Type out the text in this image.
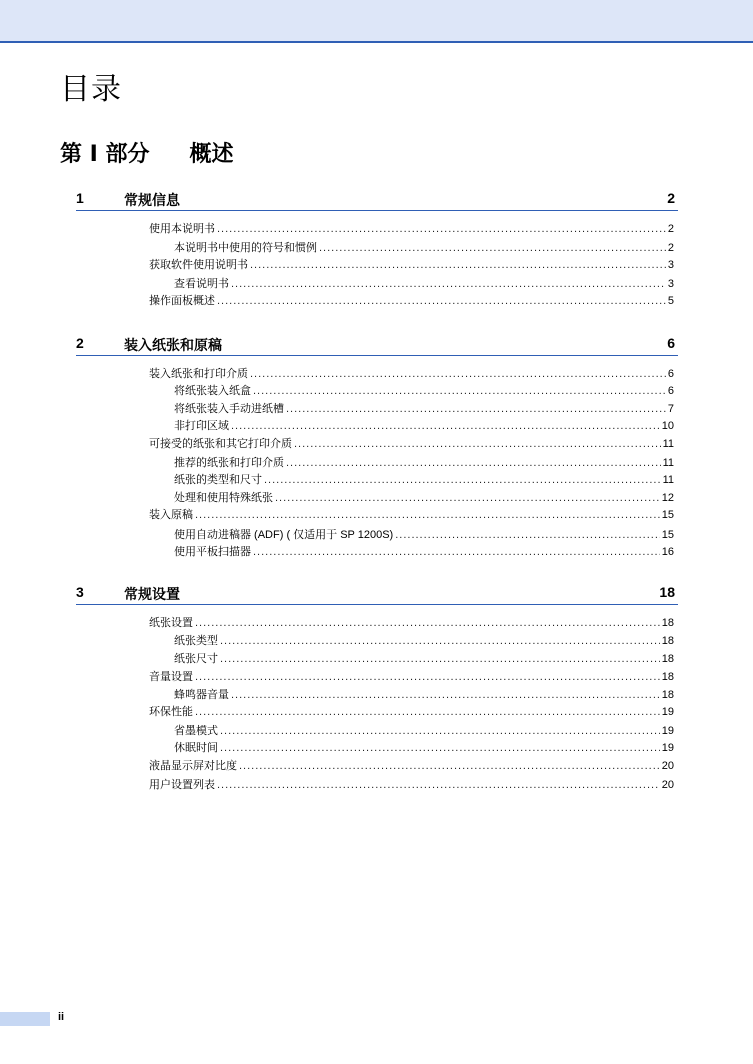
目录
第 I 部分 概述
1	常规信息	2
使用本说明书 .....	2
本说明书中使用的符号和惯例 .....	2
获取软件使用说明书 .....	3
查看说明书 .....	3
操作面板概述 .....	5
2	装入纸张和原稿	6
装入纸张和打印介质 .....	6
将纸张装入纸盒 .....	6
将纸张装入手动进纸槽 .....	7
非打印区域 .....	10
可接受的纸张和其它打印介质 .....	11
推荐的纸张和打印介质 .....	11
纸张的类型和尺寸 .....	11
处理和使用特殊纸张 .....	12
装入原稿 .....	15
使用自动进稿器 (ADF) ( 仅适用于 SP 1200S) .....	15
使用平板扫描器 .....	16
3	常规设置	18
纸张设置 .....	18
纸张类型 .....	18
纸张尺寸 .....	18
音量设置 .....	18
蜂鸣器音量 .....	18
环保性能 .....	19
省墨模式 .....	19
休眠时间 .....	19
液晶显示屏对比度 .....	20
用户设置列表 .....	20
ii
